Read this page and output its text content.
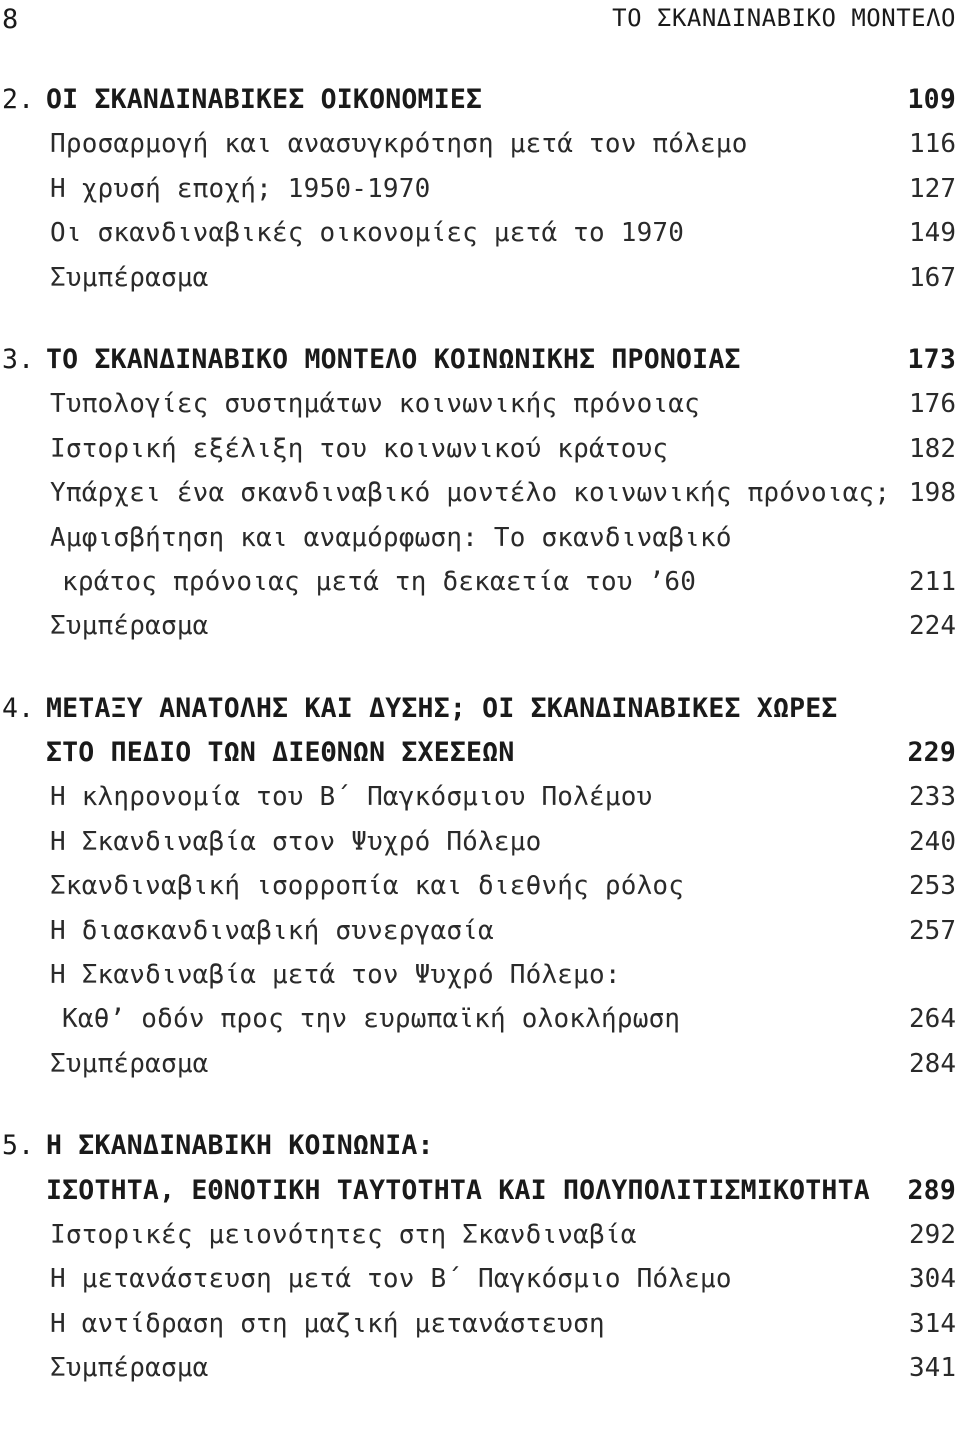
8	ΤΟ ΣΚΑΝΔΙΝΑΒΙΚΟ ΜΟΝΤΕΛΟ
2. ΟΙ ΣΚΑΝΔΙΝΑΒΙΚΕΣ ΟΙΚΟΝΟΜΙΕΣ	109
Προσαρμογή και ανασυγκρότηση μετά τον πόλεμο	116
Η χρυσή εποχή; 1950-1970	127
Οι σκανδιναβικές οικονομίες μετά το 1970	149
Συμπέρασμα	167
3. ΤΟ ΣΚΑΝΔΙΝΑΒΙΚΟ ΜΟΝΤΕΛΟ ΚΟΙΝΩΝΙΚΗΣ ΠΡΟΝΟΙΑΣ	173
Τυπολογίες συστημάτων κοινωνικής πρόνοιας	176
Ιστορική εξέλιξη του κοινωνικού κράτους	182
Υπάρχει ένα σκανδιναβικό μοντέλο κοινωνικής πρόνοιας; 198
Αμφισβήτηση και αναμόρφωση: Το σκανδιναβικό
κράτος πρόνοιας μετά τη δεκαετία του ’60	211
Συμπέρασμα	224
4. ΜΕΤΑΞΥ ΑΝΑΤΟΛΗΣ ΚΑΙ ΔΥΣΗΣ; ΟΙ ΣΚΑΝΔΙΝΑΒΙΚΕΣ ΧΩΡΕΣ
ΣΤΟ ΠΕΔΙΟ ΤΩΝ ΔΙΕΘΝΩΝ ΣΧΕΣΕΩΝ	229
Η κληρονομία του Β΄ Παγκόσμιου Πολέμου	233
Η Σκανδιναβία στον Ψυχρό Πόλεμο	240
Σκανδιναβική ισορροπία και διεθνής ρόλος	253
Η διασκανδιναβική συνεργασία	257
Η Σκανδιναβία μετά τον Ψυχρό Πόλεμο:
Καθ’ οδόν προς την ευρωπαϊκή ολοκλήρωση	264
Συμπέρασμα	284
5. Η ΣΚΑΝΔΙΝΑΒΙΚΗ ΚΟΙΝΩΝΙΑ:
ΙΣΟΤΗΤΑ, ΕΘΝΟΤΙΚΗ ΤΑΥΤΟΤΗΤΑ ΚΑΙ ΠΟΛΥΠΟΛΙΤΙΣΜΙΚΟΤΗΤΑ 289
Ιστορικές μειονότητες στη Σκανδιναβία	292
Η μετανάστευση μετά τον Β΄ Παγκόσμιο Πόλεμο	304
Η αντίδραση στη μαζική μετανάστευση	314
Συμπέρασμα	341
